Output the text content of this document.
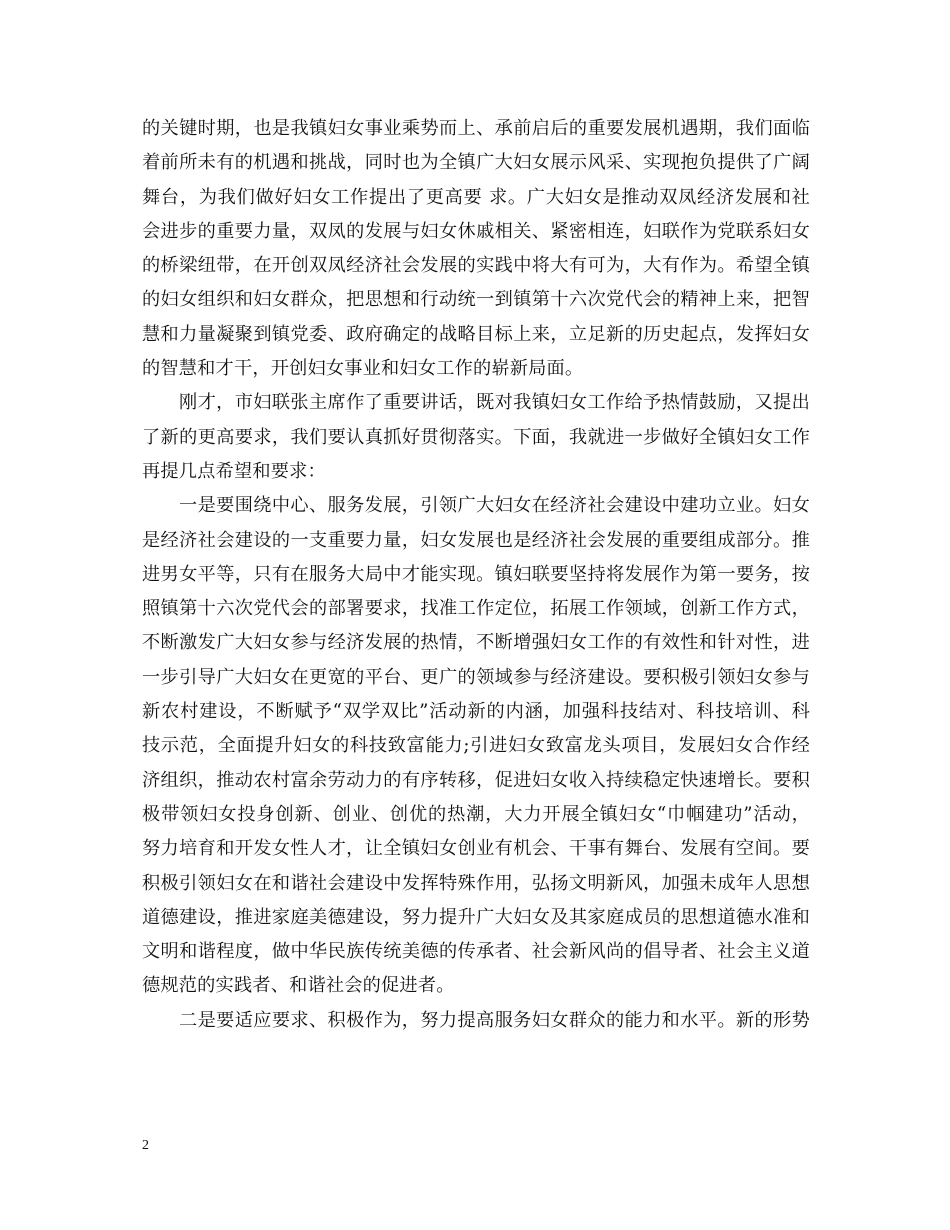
的关键时期，也是我镇妇女事业乘势而上、承前启后的重要发展机遇期，我们面临
着前所未有的机遇和挑战，同时也为全镇广大妇女展示风采、实现抱负提供了广阔
舞台，为我们做好妇女工作提出了更高要 求。广大妇女是推动双凤经济发展和社
会进步的重要力量，双凤的发展与妇女休戚相关、紧密相连，妇联作为党联系妇女
的桥梁纽带，在开创双凤经济社会发展的实践中将大有可为，大有作为。希望全镇
的妇女组织和妇女群众，把思想和行动统一到镇第十六次党代会的精神上来，把智
慧和力量凝聚到镇党委、政府确定的战略目标上来，立足新的历史起点，发挥妇女
的智慧和才干，开创妇女事业和妇女工作的崭新局面。
刚才，市妇联张主席作了重要讲话，既对我镇妇女工作给予热情鼓励，又提出
了新的更高要求，我们要认真抓好贯彻落实。下面，我就进一步做好全镇妇女工作
再提几点希望和要求：
一是要围绕中心、服务发展，引领广大妇女在经济社会建设中建功立业。妇女
是经济社会建设的一支重要力量，妇女发展也是经济社会发展的重要组成部分。推
进男女平等，只有在服务大局中才能实现。镇妇联要坚持将发展作为第一要务，按
照镇第十六次党代会的部署要求，找准工作定位，拓展工作领域，创新工作方式，
不断激发广大妇女参与经济发展的热情，不断增强妇女工作的有效性和针对性，进
一步引导广大妇女在更宽的平台、更广的领域参与经济建设。要积极引领妇女参与
新农村建设，不断赋予“双学双比”活动新的内涵，加强科技结对、科技培训、科
技示范，全面提升妇女的科技致富能力;引进妇女致富龙头项目，发展妇女合作经
济组织，推动农村富余劳动力的有序转移，促进妇女收入持续稳定快速增长。要积
极带领妇女投身创新、创业、创优的热潮，大力开展全镇妇女“巾帼建功”活动，
努力培育和开发女性人才，让全镇妇女创业有机会、干事有舞台、发展有空间。要
积极引领妇女在和谐社会建设中发挥特殊作用，弘扬文明新风，加强未成年人思想
道德建设，推进家庭美德建设，努力提升广大妇女及其家庭成员的思想道德水准和
文明和谐程度，做中华民族传统美德的传承者、社会新风尚的倡导者、社会主义道
德规范的实践者、和谐社会的促进者。
二是要适应要求、积极作为，努力提高服务妇女群众的能力和水平。新的形势
2
